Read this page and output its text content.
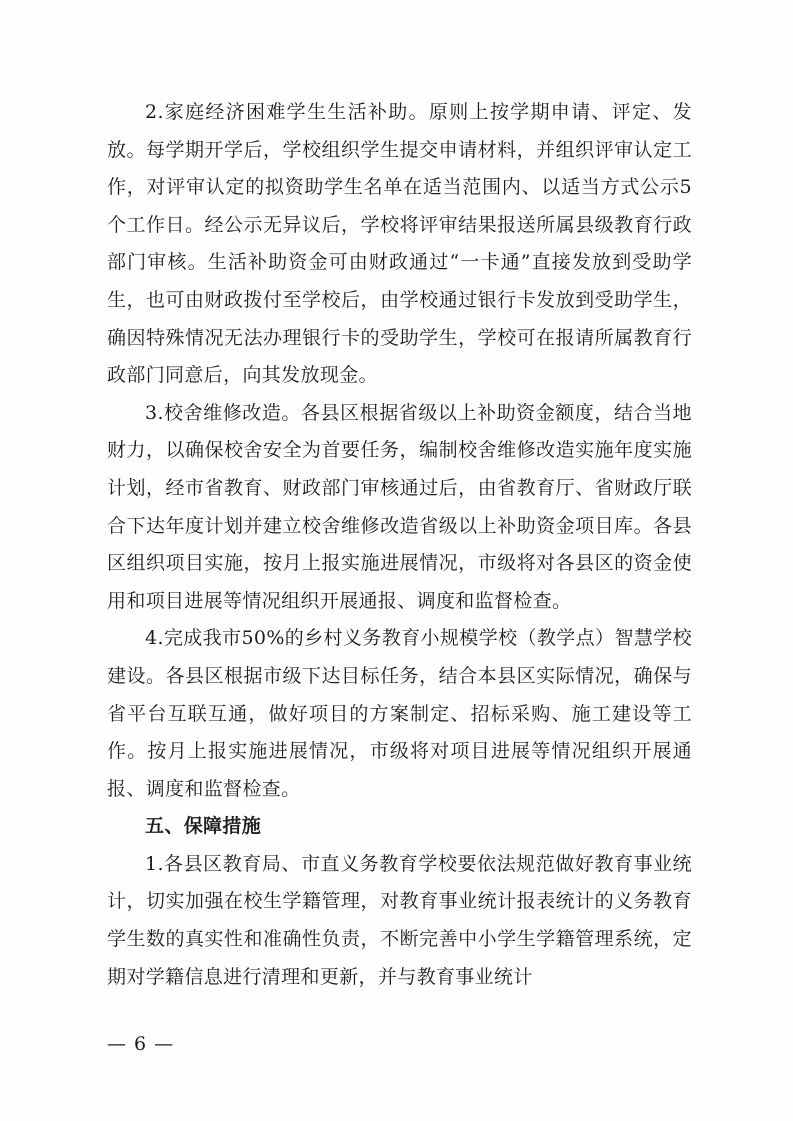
2.家庭经济困难学生生活补助。原则上按学期申请、评定、发放。每学期开学后，学校组织学生提交申请材料，并组织评审认定工作，对评审认定的拟资助学生名单在适当范围内、以适当方式公示5个工作日。经公示无异议后，学校将评审结果报送所属县级教育行政部门审核。生活补助资金可由财政通过“一卡通”直接发放到受助学生，也可由财政拨付至学校后，由学校通过银行卡发放到受助学生，确因特殊情况无法办理银行卡的受助学生，学校可在报请所属教育行政部门同意后，向其发放现金。

3.校舍维修改造。各县区根据省级以上补助资金额度，结合当地财力，以确保校舍安全为首要任务，编制校舍维修改造实施年度实施计划，经市省教育、财政部门审核通过后，由省教育厅、省财政厅联合下达年度计划并建立校舍维修改造省级以上补助资金项目库。各县区组织项目实施，按月上报实施进展情况，市级将对各县区的资金使用和项目进展等情况组织开展通报、调度和监督检查。

4.完成我市50%的乡村义务教育小规模学校（教学点）智慧学校建设。各县区根据市级下达目标任务，结合本县区实际情况，确保与省平台互联互通，做好项目的方案制定、招标采购、施工建设等工作。按月上报实施进展情况，市级将对项目进展等情况组织开展通报、调度和监督检查。

五、保障措施

1.各县区教育局、市直义务教育学校要依法规范做好教育事业统计，切实加强在校生学籍管理，对教育事业统计报表统计的义务教育学生数的真实性和准确性负责，不断完善中小学生学籍管理系统，定期对学籍信息进行清理和更新，并与教育事业统计

— 6 —
